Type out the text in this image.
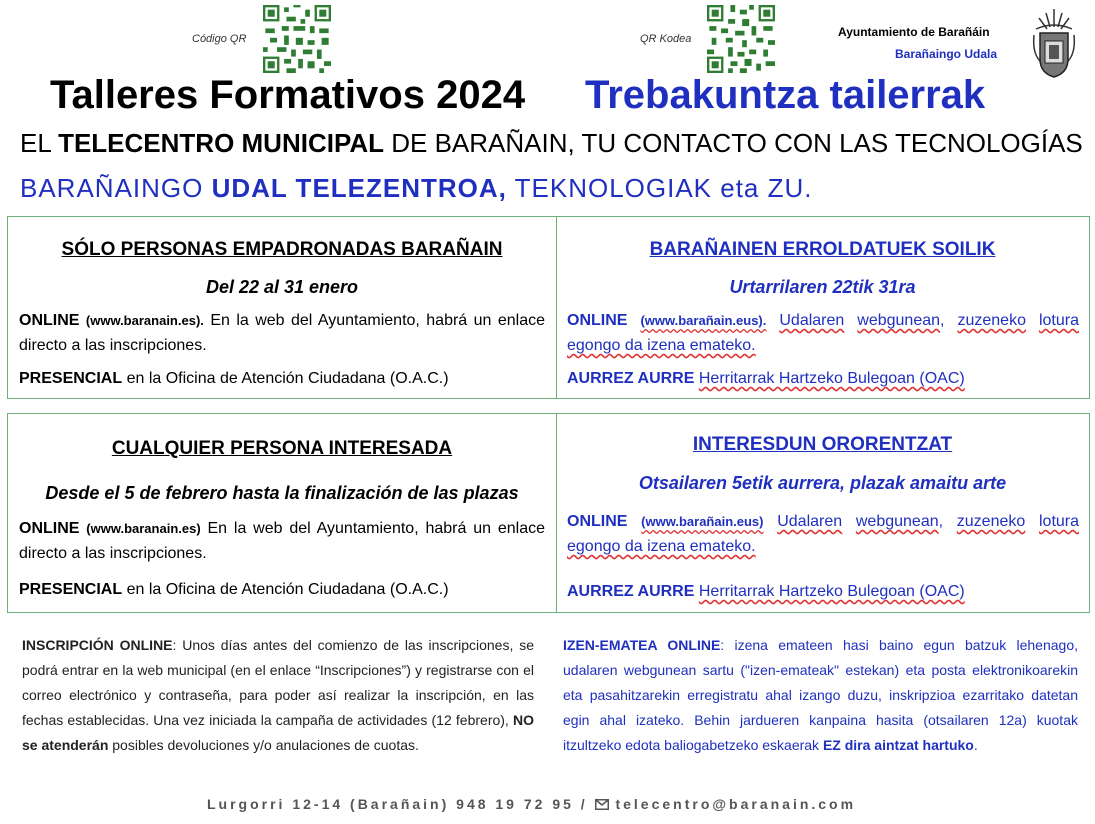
Código QR	QR Kodea	Ayuntamiento de Barañáin
Barañaingo Udala
Talleres Formativos 2024 Trebakuntza tailerrak
EL TELECENTRO MUNICIPAL DE BARAÑAIN, TU CONTACTO CON LAS TECNOLOGÍAS
BARAÑAINGO UDAL TELEZENTROA, TEKNOLOGIAK eta ZU.
SÓLO PERSONAS EMPADRONADAS BARAÑAIN
Del 22 al 31 enero
ONLINE (www.baranain.es). En la web del Ayuntamiento, habrá un enlace directo a las inscripciones.
PRESENCIAL en la Oficina de Atención Ciudadana (O.A.C.)
BARAÑAINEN ERROLDATUEK SOILIK
Urtarrilaren 22tik 31ra
ONLINE (www.barañain.eus). Udalaren webgunean, zuzeneko lotura egongo da izena emateko.
AURREZ AURRE Herritarrak Hartzeko Bulegoan (OAC)
CUALQUIER PERSONA INTERESADA
Desde el 5 de febrero hasta la finalización de las plazas
ONLINE (www.baranain.es) En la web del Ayuntamiento, habrá un enlace directo a las inscripciones.
PRESENCIAL en la Oficina de Atención Ciudadana (O.A.C.)
INTERESDUN ORORENTZAT
Otsailaren 5etik aurrera, plazak amaitu arte
ONLINE (www.barañain.eus) Udalaren webgunean, zuzeneko lotura egongo da izena emateko.
AURREZ AURRE Herritarrak Hartzeko Bulegoan (OAC)
INSCRIPCIÓN ONLINE: Unos días antes del comienzo de las inscripciones, se podrá entrar en la web municipal (en el enlace “Inscripciones”) y registrarse con el correo electrónico y contraseña, para poder así realizar la inscripción, en las fechas establecidas. Una vez iniciada la campaña de actividades (12 febrero), NO se atenderán posibles devoluciones y/o anulaciones de cuotas.
IZEN-EMATEA ONLINE: izena emateen hasi baino egun batzuk lehenago, udalaren webgunean sartu ("izen-emateak" estekan) eta posta elektronikoarekin eta pasahitzarekin erregistratu ahal izango duzu, inskripzioa ezarritako datetan egin ahal izateko. Behin jardueren kanpaina hasita (otsailaren 12a) kuotak itzultzeko edota baliogabetzeko eskaerak EZ dira aintzat hartuko.
Lurgorri 12-14 (Barañain) 948 19 72 95 / telecentro@baranain.com
